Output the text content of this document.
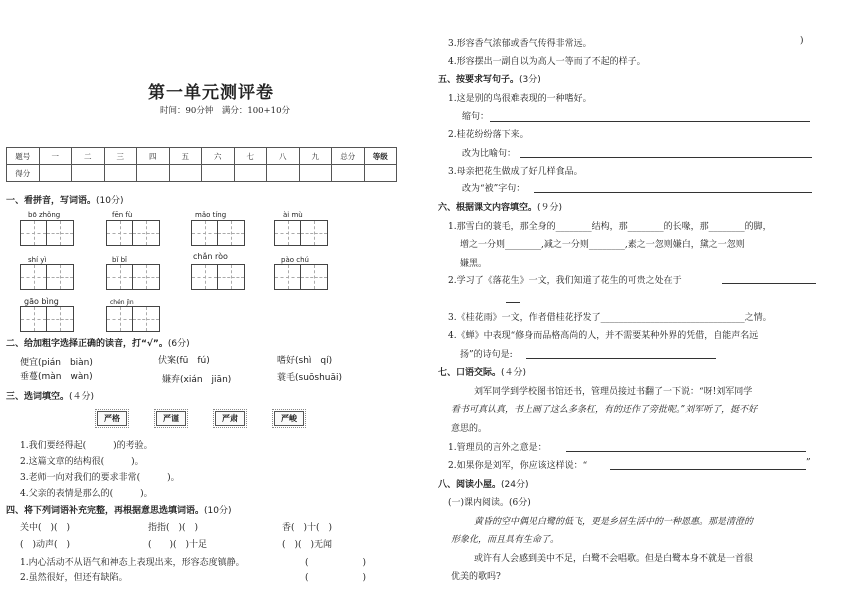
第一单元测评卷
时间：90分钟　满分：100+10分
题号	一	二	三	四	五	六	七	八	九	总分	等级
得分											
一、看拼音，写词语。(10分)
bō zhǒng	fēn fù	mǎo tíng	ài mù
shí yì	bǐ bǐ	chǎn ròo	pào chú
gāo bìng	chén jìn
二、给加粗字选择正确的读音，打“√”。(6分)
便宜(pián　biàn)	伏案(fū　fú)	嗜好(shì　qí)
垂蔓(màn　wàn)	嫌弃(xián　jiān)	蓑毛(suōshuāi)
三、选词填空。(４分)
严格	严谨	严肃	严峻
1.我们要经得起(　　　)的考验。
2.这篇文章的结构很(　　　)。
3.老师一向对我们的要求非常(　　　)。
4.父亲的表情是那么的(　　　)。
四、将下列词语补充完整，再根据意思选填词语。(10分)
关中(　)(　)	指指(　)(　)	香(　)十(　)
(　)动声(　)	(　　)(　)十足	(　)(　)无闻
1.内心活动不从语气和神态上表现出来，形容态度镇静。	(　　　　　　)
2.虽然很好，但还有缺陷。	(　　　　　　)
3.形容香气浓郁或香气传得非常远。	)
4.形容摆出一副自以为高人一等而了不起的样子。
五、按要求写句子。(3分)
1.这是别的鸟很难表现的一种嗜好。
缩句：
2.桂花纷纷落下来。
改为比喻句：
3.母亲把花生做成了好几样食品。
改为“被”字句：
六、根据课文内容填空。(９分)
1.那雪白的蓑毛，那全身的________结构，那________的长喙，那________的脚，
增之一分则________,减之一分则________,素之一忽则嫌白，黛之一忽则
嫌黑。
2.学习了《落花生》一文，我们知道了花生的可贵之处在于
3.《桂花雨》一文，作者借桂花抒发了________________________________之情。
4.《蝉》中表现“修身而品格高尚的人，并不需要某种外界的凭借，自能声名远
扬”的诗句是:
七、口语交际。(４分)
刘军同学到学校图书馆还书，管理员接过书翻了一下说：“呀!刘军同学
看书可真认真，书上画了这么多条杠，有的还作了旁批呢。”刘军听了，挺不好
意思的。
1.管理员的言外之意是：
2.如果你是刘军，你应该这样说：“	”
八、阅读小屋。(24分)
(一)课内阅读。(6分)
黄昏的空中偶见白鹭的低飞，更是乡居生活中的一种恩惠。那是清澄的
形象化，而且具有生命了。
或许有人会感到美中不足，白鹭不会唱歌。但是白鹭本身不就是一首很
优美的歌吗?
